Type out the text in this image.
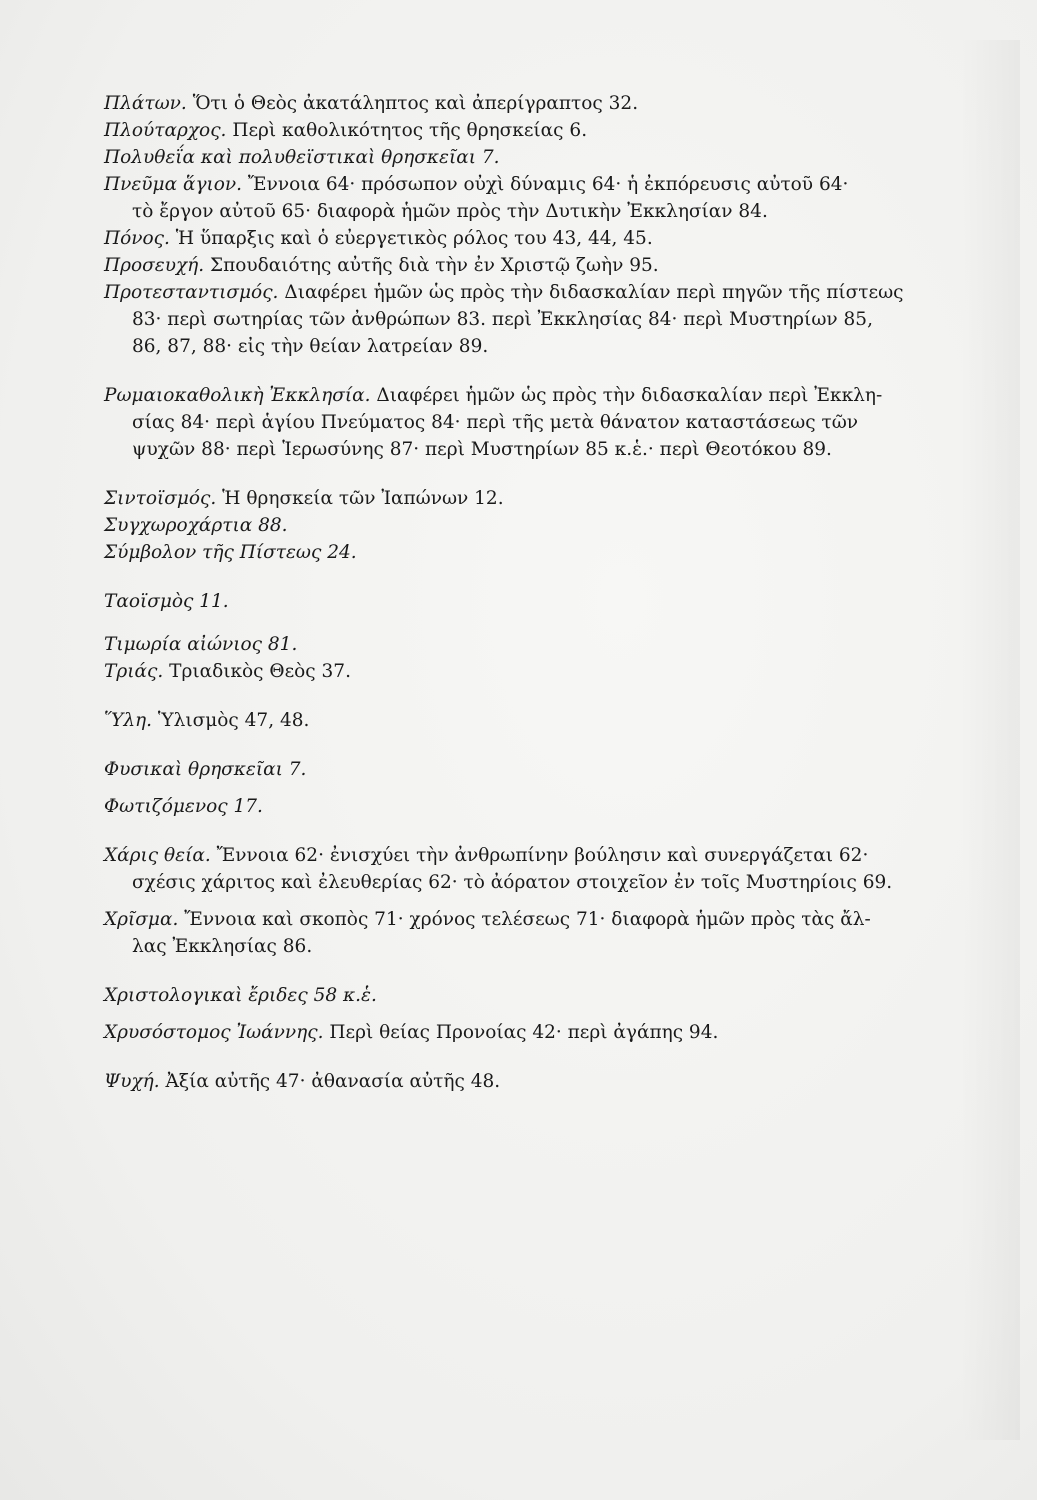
Πλάτων. Ὅτι ὁ Θεὸς ἀκατάληπτος καὶ ἀπερίγραπτος 32.
Πλούταρχος. Περὶ καθολικότητος τῆς θρησκείας 6.
Πολυθεΐα καὶ πολυθεϊστικαὶ θρησκεῖαι 7.
Πνεῦμα ἅγιον. Ἔννοια 64· πρόσωπον οὐχὶ δύναμις 64· ἡ ἐκπόρευσις αὐτοῦ 64·
τὸ ἔργον αὐτοῦ 65· διαφορὰ ἡμῶν πρὸς τὴν Δυτικὴν Ἐκκλησίαν 84.
Πόνος. Ἡ ὕπαρξις καὶ ὁ εὐεργετικὸς ρόλος του 43, 44, 45.
Προσευχή. Σπουδαιότης αὐτῆς διὰ τὴν ἐν Χριστῷ ζωὴν 95.
Προτεσταντισμός. Διαφέρει ἡμῶν ὡς πρὸς τὴν διδασκαλίαν περὶ πηγῶν τῆς πίστεως
83· περὶ σωτηρίας τῶν ἀνθρώπων 83. περὶ Ἐκκλησίας 84· περὶ Μυστηρίων 85,
86, 87, 88· εἰς τὴν θείαν λατρείαν 89.
Ρωμαιοκαθολικὴ Ἐκκλησία. Διαφέρει ἡμῶν ὡς πρὸς τὴν διδασκαλίαν περὶ Ἐκκλη-
σίας 84· περὶ ἁγίου Πνεύματος 84· περὶ τῆς μετὰ θάνατον καταστάσεως τῶν
ψυχῶν 88· περὶ Ἱερωσύνης 87· περὶ Μυστηρίων 85 κ.ἑ.· περὶ Θεοτόκου 89.
Σιντοϊσμός. Ἡ θρησκεία τῶν Ἰαπώνων 12.
Συγχωροχάρτια 88.
Σύμβολον τῆς Πίστεως 24.
Ταοϊσμὸς 11.
Τιμωρία αἰώνιος 81.
Τριάς. Τριαδικὸς Θεὸς 37.
Ὕλη. Ὑλισμὸς 47, 48.
Φυσικαὶ θρησκεῖαι 7.
Φωτιζόμενος 17.
Χάρις θεία. Ἔννοια 62· ἐνισχύει τὴν ἀνθρωπίνην βούλησιν καὶ συνεργάζεται 62·
σχέσις χάριτος καὶ ἐλευθερίας 62· τὸ ἀόρατον στοιχεῖον ἐν τοῖς Μυστηρίοις 69.
Χρῖσμα. Ἔννοια καὶ σκοπὸς 71· χρόνος τελέσεως 71· διαφορὰ ἡμῶν πρὸς τὰς ἄλ-
λας Ἐκκλησίας 86.
Χριστολογικαὶ ἔριδες 58 κ.ἑ.
Χρυσόστομος Ἰωάννης. Περὶ θείας Προνοίας 42· περὶ ἀγάπης 94.
Ψυχή. Ἀξία αὐτῆς 47· ἀθανασία αὐτῆς 48.
